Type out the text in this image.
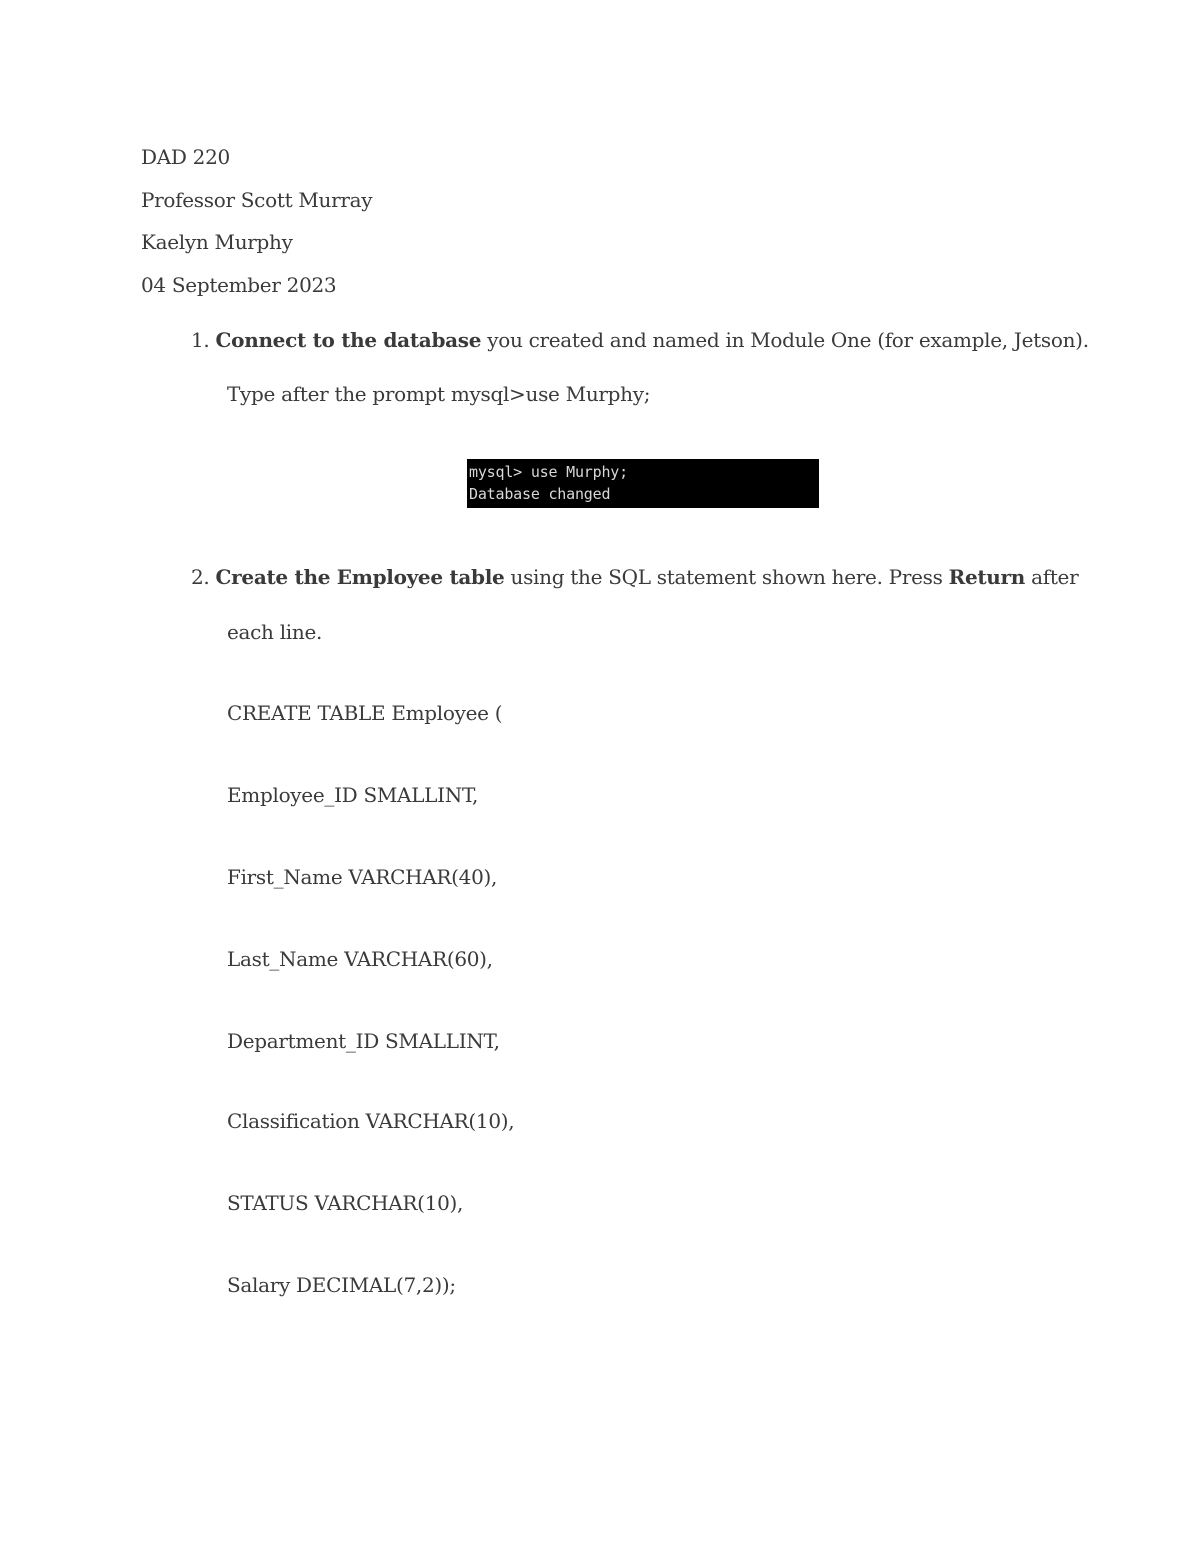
DAD 220
Professor Scott Murray
Kaelyn Murphy
04 September 2023
1. Connect to the database you created and named in Module One (for example, Jetson).
Type after the prompt mysql>use Murphy;
mysql> use Murphy;
Database changed
2. Create the Employee table using the SQL statement shown here. Press Return after
each line.
CREATE TABLE Employee (
Employee_ID SMALLINT,
First_Name VARCHAR(40),
Last_Name VARCHAR(60),
Department_ID SMALLINT,
Classification VARCHAR(10),
STATUS VARCHAR(10),
Salary DECIMAL(7,2));
